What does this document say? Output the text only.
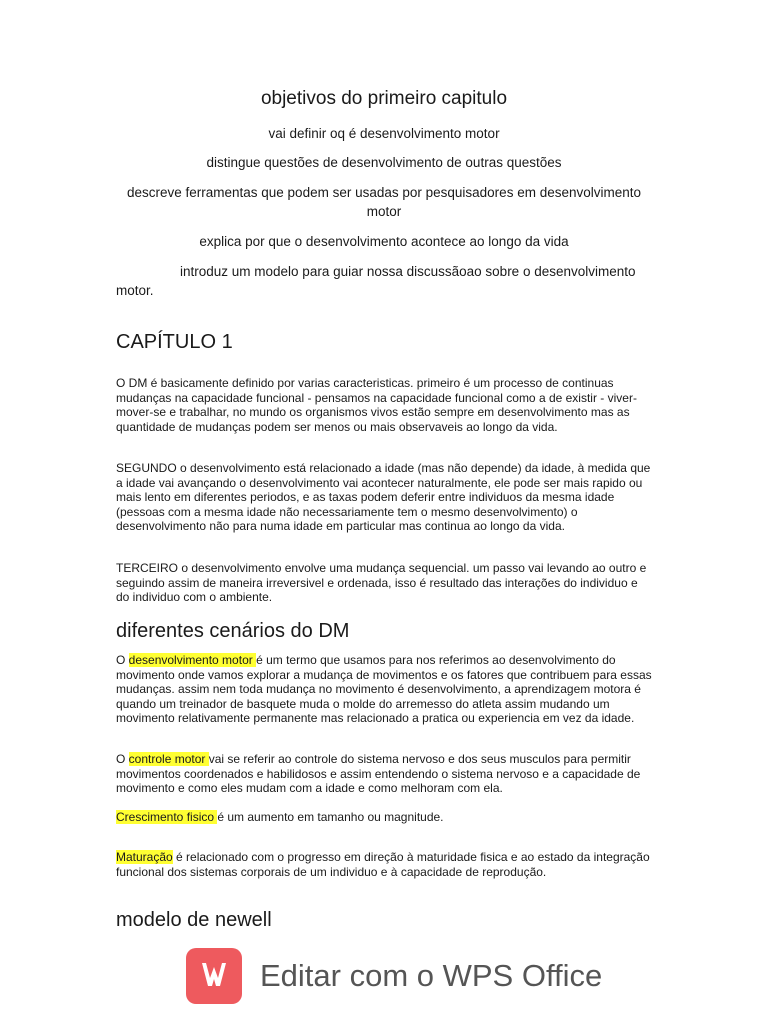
objetivos do primeiro capitulo

vai definir oq é desenvolvimento motor

distingue questões de desenvolvimento de outras questões

descreve ferramentas que podem ser usadas por pesquisadores em desenvolvimento motor

explica por que o desenvolvimento acontece ao longo da vida

introduz um modelo para guiar nossa discussãoao sobre o desenvolvimento motor.

CAPÍTULO 1

O DM é basicamente definido por varias caracteristicas. primeiro é um processo de continuas mudanças na capacidade funcional - pensamos na capacidade funcional como a de existir - viver- mover-se e trabalhar, no mundo os organismos vivos estão sempre em desenvolvimento mas as quantidade de mudanças podem ser menos ou mais observaveis ao longo da vida.

SEGUNDO o desenvolvimento está relacionado a idade (mas não depende) da idade, à medida que a idade vai avançando o desenvolvimento vai acontecer naturalmente, ele pode ser mais rapido ou mais lento em diferentes periodos, e as taxas podem deferir entre individuos da mesma idade (pessoas com a mesma idade não necessariamente tem o mesmo desenvolvimento) o desenvolvimento não para numa idade em particular mas continua ao longo da vida.

TERCEIRO o desenvolvimento envolve uma mudança sequencial. um passo vai levando ao outro e seguindo assim de maneira irreversivel e ordenada, isso é resultado das interações do individuo e do individuo com o ambiente.

diferentes cenários do DM

O desenvolvimento motor é um termo que usamos para nos referimos ao desenvolvimento do movimento onde vamos explorar a mudança de movimentos e os fatores que contribuem para essas mudanças. assim nem toda mudança no movimento é desenvolvimento, a aprendizagem motora é quando um treinador de basquete muda o molde do arremesso do atleta assim mudando um movimento relativamente permanente mas relacionado a pratica ou experiencia em vez da idade.

O controle motor vai se referir ao controle do sistema nervoso e dos seus musculos para permitir movimentos coordenados e habilidosos e assim entendendo o sistema nervoso e a capacidade de movimento e como eles mudam com a idade e como melhoram com ela.

Crescimento fisico é um aumento em tamanho ou magnitude.

Maturação é relacionado com o progresso em direção à maturidade fisica e ao estado da integração funcional dos sistemas corporais de um individuo e à capacidade de reprodução.

modelo de newell
Editar com o WPS Office
